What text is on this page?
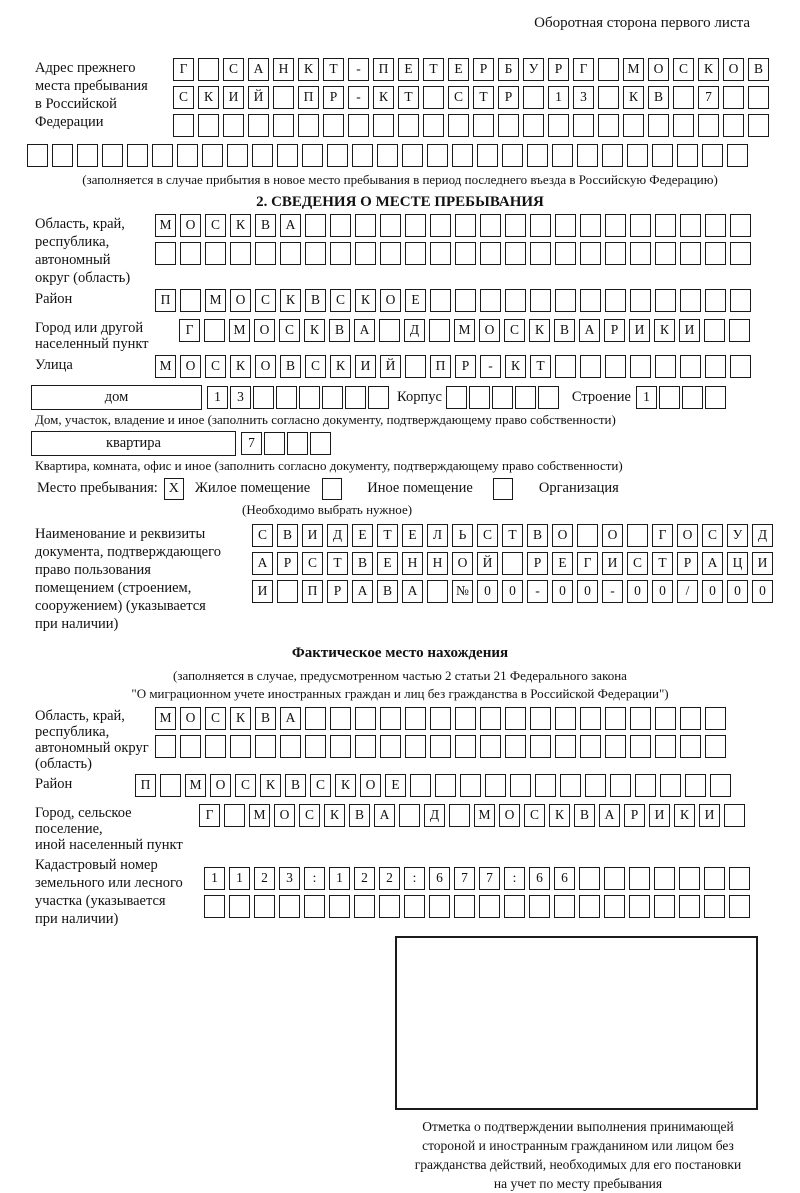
Оборотная сторона первого листа
Адрес прежнего
места пребывания
в Российской
Федерации
Г	С	А	Н	К	Т	-	П	Е	Т	Е	Р	Б	У	Р	Г	М	О	С	К	О	В
С	К	И	Й	П	Р	-	К	Т	С	Т	Р	1	3	К	В	7
(заполняется в случае прибытия в новое место пребывания в период последнего въезда в Российскую Федерацию)
2. СВЕДЕНИЯ О МЕСТЕ ПРЕБЫВАНИЯ
Область, край,
республика,
автономный
округ (область)
М	О	С	К	В	А
Район	П	М	О	С	К	В	С	К	О	Е
Город или другой
населенный пункт
Г	М	О	С	К	В	А	Д	М	О	С	К	В	А	Р	И	К	И
Улица	М	О	С	К	О	В	С	К	И	Й	П	Р	-	К	Т
дом	1	3	Корпус	Строение 1
Дом, участок, владение и иное (заполнить согласно документу, подтверждающему право собственности)
квартира	7
Квартира, комната, офис и иное (заполнить согласно документу, подтверждающему право собственности)
Место пребывания: X	Жилое помещение	Иное помещение	Организация
(Необходимо выбрать нужное)
Наименование и реквизиты
документа, подтверждающего
право пользования
помещением (строением,
сооружением) (указывается
при наличии)
С	В	И	Д	Е	Т	Е	Л	Ь	С	Т	В	О	О	Г	О	С	У	Д
А	Р	С	Т	В	Е	Н	Н	О	Й	Р	Е	Г	И	С	Т	Р	А	Ц	И
И	П	Р	А	В	А	№	0	0	-	0	0	-	0	0	/	0	0	0
Фактическое место нахождения
(заполняется в случае, предусмотренном частью 2 статьи 21 Федерального закона
"О миграционном учете иностранных граждан и лиц без гражданства в Российской Федерации")
Область, край,
республика,
автономный округ
(область)
М	О	С	К	В	А
Район	П	М	О	С	К	В	С	К	О	Е
Город, сельское поселение,
иной населенный пункт
Г	М	О	С	К	В	А	Д	М	О	С	К	В	А	Р	И	К	И
Кадастровый номер
земельного или лесного
участка (указывается
при наличии)
1	1	2	3	:	1	2	2	:	6	7	7	:	6	6
Отметка о подтверждении выполнения принимающей
стороной и иностранным гражданином или лицом без
гражданства действий, необходимых для его постановки
на учет по месту пребывания
